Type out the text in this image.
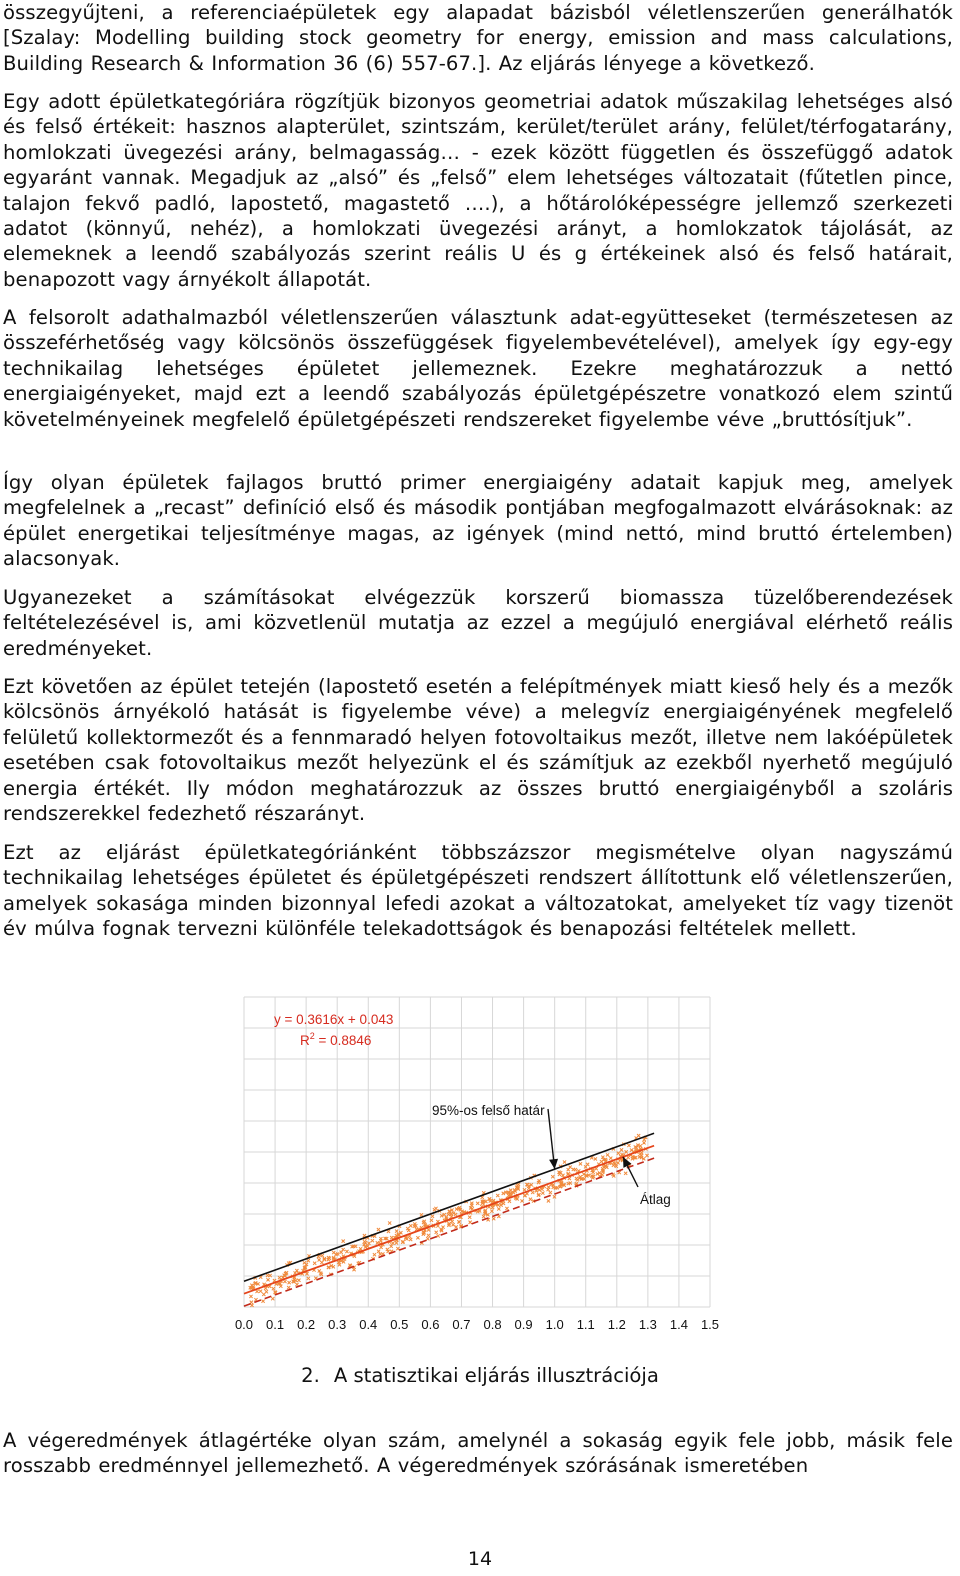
összegyűjteni, a referenciaépületek egy alapadat bázisból véletlenszerűen generálhatók [Szalay: Modelling building stock geometry for energy, emission and mass calculations, Building Research & Information 36 (6) 557-67.]. Az eljárás lényege a következő.

Egy adott épületkategóriára rögzítjük bizonyos geometriai adatok műszakilag lehetséges alsó és felső értékeit: hasznos alapterület, szintszám, kerület/terület arány, felület/térfogatarány, homlokzati üvegezési arány, belmagasság… - ezek között független és összefüggő adatok egyaránt vannak. Megadjuk az „alsó” és „felső” elem lehetséges változatait (fűtetlen pince, talajon fekvő padló, lapostető, magastető ….), a hőtárolóképességre jellemző szerkezeti adatot (könnyű, nehéz), a homlokzati üvegezési arányt, a homlokzatok tájolását, az elemeknek a leendő szabályozás szerint reális U és g értékeinek alsó és felső határait, benapozott vagy árnyékolt állapotát.

A felsorolt adathalmazból véletlenszerűen választunk adat-együtteseket (természetesen az összeférhetőség vagy kölcsönös összefüggések figyelembevételével), amelyek így egy-egy technikailag lehetséges épületet jellemeznek. Ezekre meghatározzuk a nettó energiaigényeket, majd ezt a leendő szabályozás épületgépészetre vonatkozó elem szintű követelményeinek megfelelő épületgépészeti rendszereket figyelembe véve „bruttósítjuk”.

Így olyan épületek fajlagos bruttó primer energiaigény adatait kapjuk meg, amelyek megfelelnek a „recast” definíció első és második pontjában megfogalmazott elvárásoknak: az épület energetikai teljesítménye magas, az igények (mind nettó, mind bruttó értelemben) alacsonyak.

Ugyanezeket a számításokat elvégezzük korszerű biomassza tüzelőberendezések feltételezésével is, ami közvetlenül mutatja az ezzel a megújuló energiával elérhető reális eredményeket.

Ezt követően az épület tetején (lapostető esetén a felépítmények miatt kieső hely és a mezők kölcsönös árnyékoló hatását is figyelembe véve) a melegvíz energiaigényének megfelelő felületű kollektormezőt és a fennmaradó helyen fotovoltaikus mezőt, illetve nem lakóépületek esetében csak fotovoltaikus mezőt helyezünk el és számítjuk az ezekből nyerhető megújuló energia értékét. Ily módon meghatározzuk az összes bruttó energiaigényből a szoláris rendszerekkel fedezhető részarányt.

Ezt az eljárást épületkategóriánként többszázszor megismételve olyan nagyszámú technikailag lehetséges épületet és épületgépészeti rendszert állítottunk elő véletlenszerűen, amelyek sokasága minden bizonnyal lefedi azokat a változatokat, amelyeket tíz vagy tizenöt év múlva fognak tervezni különféle telekadottságok és benapozási feltételek mellett.

0.0 0.1 0.2 0.3 0.4 0.5 0.6 0.7 0.8 0.9 1.0 1.1 1.2 1.3 1.4 1.5
y = 0.3616x + 0.043
$R^2 = 0.8846$
95%-os felső határ
Átlag
2. A statisztikai eljárás illusztrációja

A végeredmények átlagértéke olyan szám, amelynél a sokaság egyik fele jobb, másik fele rosszabb eredménnyel jellemezhető. A végeredmények szórásának ismeretében

14
